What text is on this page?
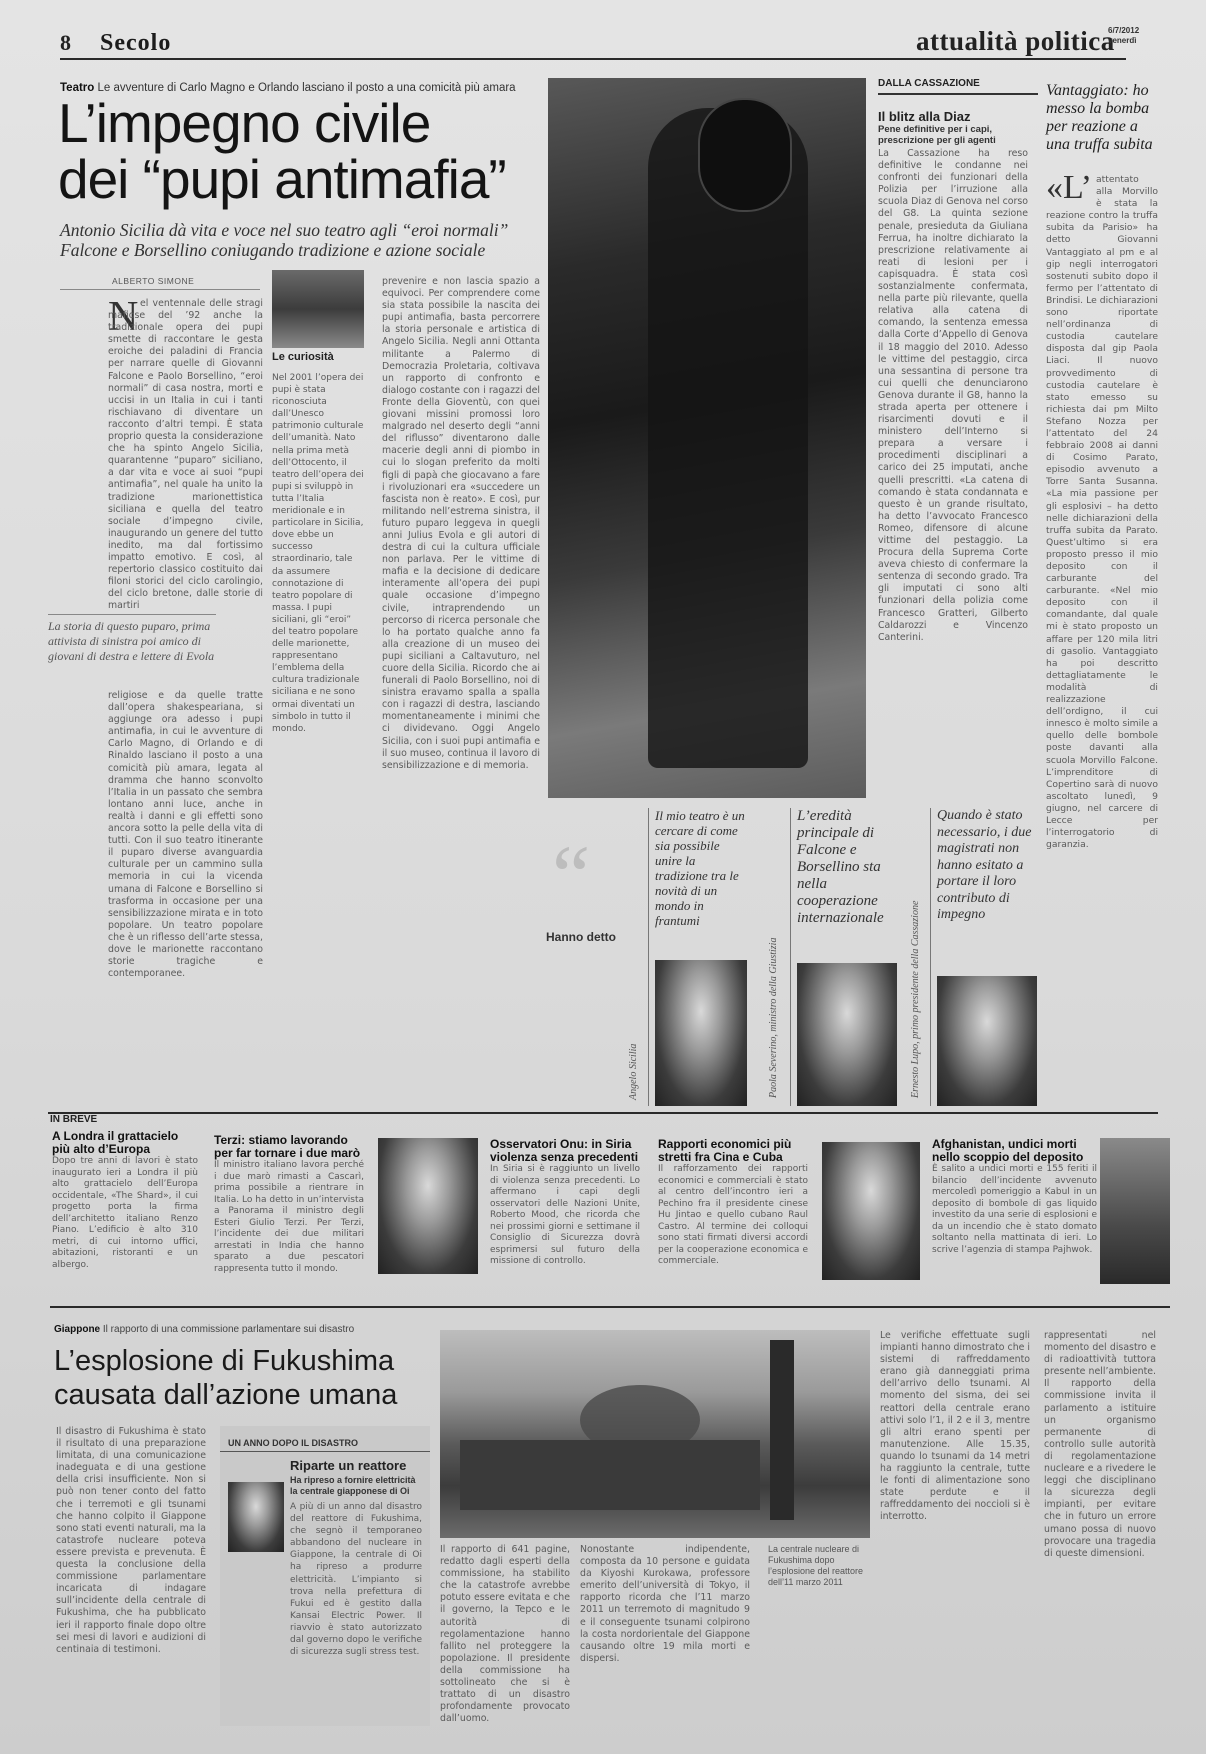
8 Secolo	attualità politica
6/7/2012
venerdì
Teatro Le avventure di Carlo Magno e Orlando lasciano il posto a una comicità più amara
L’impegno civile
dei “pupi antimafia”
Antonio Sicilia dà vita e voce nel suo teatro agli “eroi normali” Falcone e Borsellino coniugando tradizione e azione sociale
ALBERTO SIMONE
N el ventennale delle stragi mafiose del ’92 anche la tradizionale opera dei pupi smette di raccontare le gesta eroiche dei paladini di Francia per narrare quelle di Giovanni Falcone e Paolo Borsellino, “eroi normali” di casa nostra, morti e uccisi in un Italia in cui i tanti rischiavano di diventare un racconto d’altri tempi. È stata proprio questa la considerazione che ha spinto Angelo Sicilia, quarantenne “puparo” siciliano, a dar vita e voce ai suoi “pupi antimafia”, nel quale ha unito la tradizione marionettistica siciliana e quella del teatro sociale d’impegno civile, inaugurando un genere del tutto inedito, ma dal fortissimo impatto emotivo. E così, al repertorio classico costituito dai filoni storici del ciclo carolingio, del ciclo bretone, dalle storie di martiri
La storia di questo puparo, prima attivista di sinistra poi amico di giovani di destra e lettere di Evola
religiose e da quelle tratte dall’opera shakespeariana, si aggiunge ora adesso i pupi antimafia, in cui le avventure di Carlo Magno, di Orlando e di Rinaldo lasciano il posto a una comicità più amara, legata al dramma che hanno sconvolto l’Italia in un passato che sembra lontano anni luce, anche in realtà i danni e gli effetti sono ancora sotto la pelle della vita di tutti. Con il suo teatro itinerante il puparo diverse avanguardia culturale per un cammino sulla memoria in cui la vicenda umana di Falcone e Borsellino si trasforma in occasione per una sensibilizzazione mirata e in toto popolare. Un teatro popolare che è un riflesso dell’arte stessa, dove le marionette raccontano storie tragiche e contemporanee.
Le curiosità
Nel 2001 l’opera dei pupi è stata riconosciuta dall’Unesco patrimonio culturale dell’umanità. Nato nella prima metà dell’Ottocento, il teatro dell’opera dei pupi si sviluppò in tutta l’Italia meridionale e in particolare in Sicilia, dove ebbe un successo straordinario, tale da assumere connotazione di teatro popolare di massa. I pupi siciliani, gli “eroi” del teatro popolare delle marionette, rappresentano l’emblema della cultura tradizionale siciliana e ne sono ormai diventati un simbolo in tutto il mondo.
prevenire e non lascia spazio a equivoci. Per comprendere come sia stata possibile la nascita dei pupi antimafia, basta percorrere la storia personale e artistica di Angelo Sicilia. Negli anni Ottanta militante a Palermo di Democrazia Proletaria, coltivava un rapporto di confronto e dialogo costante con i ragazzi del Fronte della Gioventù, con quei giovani missini promossi loro malgrado nel deserto degli “anni del riflusso” diventarono dalle macerie degli anni di piombo in cui lo slogan preferito da molti figli di papà che giocavano a fare i rivoluzionari era «succedere un fascista non è reato». E così, pur militando nell’estrema sinistra, il futuro puparo leggeva in quegli anni Julius Evola e gli autori di destra di cui la cultura ufficiale non parlava. Per le vittime di mafia e la decisione di dedicare interamente all’opera dei pupi quale occasione d’impegno civile, intraprendendo un percorso di ricerca personale che lo ha portato qualche anno fa alla creazione di un museo dei pupi siciliani a Caltavuturo, nel cuore della Sicilia. Ricordo che ai funerali di Paolo Borsellino, noi di sinistra eravamo spalla a spalla con i ragazzi di destra, lasciando momentaneamente i minimi che ci dividevano. Oggi Angelo Sicilia, con i suoi pupi antimafia e il suo museo, continua il lavoro di sensibilizzazione e di memoria.
DALLA CASSAZIONE
Il blitz alla Diaz
Pene definitive per i capi, prescrizione per gli agenti
La Cassazione ha reso definitive le condanne nei confronti dei funzionari della Polizia per l’irruzione alla scuola Diaz di Genova nel corso del G8. La quinta sezione penale, presieduta da Giuliana Ferrua, ha inoltre dichiarato la prescrizione relativamente ai reati di lesioni per i capisquadra. È stata così sostanzialmente confermata, nella parte più rilevante, quella relativa alla catena di comando, la sentenza emessa dalla Corte d’Appello di Genova il 18 maggio del 2010. Adesso le vittime del pestaggio, circa una sessantina di persone tra cui quelli che denunciarono Genova durante il G8, hanno la strada aperta per ottenere i risarcimenti dovuti e il ministero dell’Interno si prepara a versare i procedimenti disciplinari a carico dei 25 imputati, anche quelli prescritti. «La catena di comando è stata condannata e questo è un grande risultato, ha detto l’avvocato Francesco Romeo, difensore di alcune vittime del pestaggio. La Procura della Suprema Corte aveva chiesto di confermare la sentenza di secondo grado. Tra gli imputati ci sono alti funzionari della polizia come Francesco Gratteri, Gilberto Caldarozzi e Vincenzo Canterini.
Vantaggiato: ho messo la bomba per reazione a una truffa subita
«L’ attentato alla Morvillo è stata la reazione contro la truffa subita da Parisio» ha detto Giovanni Vantaggiato al pm e al gip negli interrogatori sostenuti subito dopo il fermo per l’attentato di Brindisi. Le dichiarazioni sono riportate nell’ordinanza di custodia cautelare disposta dal gip Paola Liaci. Il nuovo provvedimento di custodia cautelare è stato emesso su richiesta dai pm Milto Stefano Nozza per l’attentato del 24 febbraio 2008 ai danni di Cosimo Parato, episodio avvenuto a Torre Santa Susanna. «La mia passione per gli esplosivi – ha detto nelle dichiarazioni della truffa subita da Parato. Quest’ultimo si era proposto presso il mio deposito con il carburante del carburante. «Nel mio deposito con il comandante, dal quale mi è stato proposto un affare per 120 mila litri di gasolio. Vantaggiato ha poi descritto dettagliatamente le modalità di realizzazione dell’ordigno, il cui innesco è molto simile a quello delle bombole poste davanti alla scuola Morvillo Falcone. L’imprenditore di Copertino sarà di nuovo ascoltato lunedì, 9 giugno, nel carcere di Lecce per l’interrogatorio di garanzia.
“
Hanno detto
Il mio teatro è un cercare di come sia possibile unire la tradizione tra le novità di un mondo in frantumi
Angelo Sicilia
L’eredità principale di Falcone e Borsellino sta nella cooperazione internazionale
Paola Severino, ministro della Giustizia
Quando è stato necessario, i due magistrati non hanno esitato a portare il loro contributo di impegno
Ernesto Lupo, primo presidente della Cassazione
IN BREVE
A Londra il grattacielo più alto d’Europa
Dopo tre anni di lavori è stato inaugurato ieri a Londra il più alto grattacielo dell’Europa occidentale, «The Shard», il cui progetto porta la firma dell’architetto italiano Renzo Piano. L’edificio è alto 310 metri, di cui intorno uffici, abitazioni, ristoranti e un albergo.
Terzi: stiamo lavorando per far tornare i due marò
Il ministro italiano lavora perché i due marò rimasti a Cascarì, prima possibile a rientrare in Italia. Lo ha detto in un’intervista a Panorama il ministro degli Esteri Giulio Terzi. Per Terzi, l’incidente dei due militari arrestati in India che hanno sparato a due pescatori rappresenta tutto il mondo.
Osservatori Onu: in Siria violenza senza precedenti
In Siria si è raggiunto un livello di violenza senza precedenti. Lo affermano i capi degli osservatori delle Nazioni Unite, Roberto Mood, che ricorda che nei prossimi giorni e settimane il Consiglio di Sicurezza dovrà esprimersi sul futuro della missione di controllo.
Rapporti economici più stretti fra Cina e Cuba
Il rafforzamento dei rapporti economici e commerciali è stato al centro dell’incontro ieri a Pechino fra il presidente cinese Hu Jintao e quello cubano Raul Castro. Al termine dei colloqui sono stati firmati diversi accordi per la cooperazione economica e commerciale.
Afghanistan, undici morti nello scoppio del deposito
È salito a undici morti e 155 feriti il bilancio dell’incidente avvenuto mercoledì pomeriggio a Kabul in un deposito di bombole di gas liquido investito da una serie di esplosioni e da un incendio che è stato domato soltanto nella mattinata di ieri. Lo scrive l’agenzia di stampa Pajhwok.
Giappone Il rapporto di una commissione parlamentare sui disastro
L’esplosione di Fukushima
causata dall’azione umana
Il disastro di Fukushima è stato il risultato di una preparazione limitata, di una comunicazione inadeguata e di una gestione della crisi insufficiente. Non si può non tener conto del fatto che i terremoti e gli tsunami che hanno colpito il Giappone sono stati eventi naturali, ma la catastrofe nucleare poteva essere prevista e prevenuta. È questa la conclusione della commissione parlamentare incaricata di indagare sull’incidente della centrale di Fukushima, che ha pubblicato ieri il rapporto finale dopo oltre sei mesi di lavori e audizioni di centinaia di testimoni.
UN ANNO DOPO IL DISASTRO
Riparte un reattore
Ha ripreso a fornire elettricità la centrale giapponese di Oi
A più di un anno dal disastro del reattore di Fukushima, che segnò il temporaneo abbandono del nucleare in Giappone, la centrale di Oi ha ripreso a produrre elettricità. L’impianto si trova nella prefettura di Fukui ed è gestito dalla Kansai Electric Power. Il riavvio è stato autorizzato dal governo dopo le verifiche di sicurezza sugli stress test.
Il rapporto di 641 pagine, redatto dagli esperti della commissione, ha stabilito che la catastrofe avrebbe potuto essere evitata e che il governo, la Tepco e le autorità di regolamentazione hanno fallito nel proteggere la popolazione. Il presidente della commissione ha sottolineato che si è trattato di un disastro profondamente provocato dall’uomo.
Nonostante indipendente, composta da 10 persone e guidata da Kiyoshi Kurokawa, professore emerito dell’università di Tokyo, il rapporto ricorda che l’11 marzo 2011 un terremoto di magnitudo 9 e il conseguente tsunami colpirono la costa nordorientale del Giappone causando oltre 19 mila morti e dispersi.
La centrale nucleare di Fukushima dopo l’esplosione del reattore dell’11 marzo 2011
Le verifiche effettuate sugli impianti hanno dimostrato che i sistemi di raffreddamento erano già danneggiati prima dell’arrivo dello tsunami. Al momento del sisma, dei sei reattori della centrale erano attivi solo l’1, il 2 e il 3, mentre gli altri erano spenti per manutenzione. Alle 15.35, quando lo tsunami da 14 metri ha raggiunto la centrale, tutte le fonti di alimentazione sono state perdute e il raffreddamento dei noccioli si è interrotto.
rappresentati nel momento del disastro e di radioattività tuttora presente nell’ambiente. Il rapporto della commissione invita il parlamento a istituire un organismo permanente di controllo sulle autorità di regolamentazione nucleare e a rivedere le leggi che disciplinano la sicurezza degli impianti, per evitare che in futuro un errore umano possa di nuovo provocare una tragedia di queste dimensioni.
